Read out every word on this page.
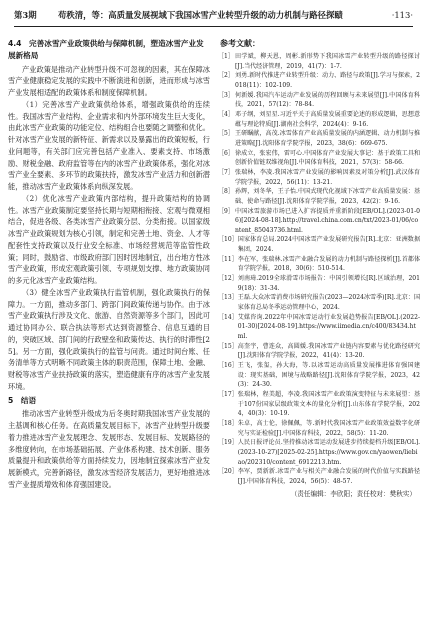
第3期	苟秩清，等：高质量发展视域下我国冰雪产业转型升级的动力机制与路径探赜	·113·
4.4　完善冰雪产业政策供给与保障机制，塑造冰雪产业发展新格局

产业政策是推动产业转型升级不可忽视的因素，其在保障冰雪产业健康稳定发展的实践中不断演进和创新，进而形成与冰雪产业发展相适配的政策体系和制度保障机制。

（1）完善冰雪产业政策供给体系，增强政策供给的连续性。我国冰雪产业结构、企业需求和内外部环境发生巨大变化，由此冰雪产业政策的功能定位、结构组合也要随之调整和优化。针对冰雪产业发展的新特征、新需求以及暴露出的政策短板，行业问题等，有关部门应完善包括产业准入、要素支持、市场激励、财税金融、政府监管等在内的冰雪产业政策体系，强化对冰雪产业全要素、多环节的政策扶持，激发冰雪产业活力和创新潜能，推动冰雪产业政策体系向纵深发展。

（2）优化冰雪产业政策内部结构，提升政策结构的协调性。冰雪产业政策制定要坚持长期与短期相衔接、宏观与微观相结合，促进各级、各类冰雪产业政策分层、分类衔接。以国家级冰雪产业政策规划为核心引领，制定和完善土地、资金、人才等配套性支持政策以及行业安全标准、市场经营规范等监管性政策；同时，鼓励省、市级政府部门因时因地制宜，出台地方性冰雪产业政策，形成宏观政策引领、专项规划支撑、地方政策协同的多元化冰雪产业政策结构。

（3）健全冰雪产业政策执行监管机制，强化政策执行的保障力。一方面，推动多部门、跨部门间政策传递与协作。由于冰雪产业政策执行涉及文化、旅游、自然资源等多个部门，因此可通过协同办公、联合执法等形式达到资源整合、信息互通的目的，突破区域、部门间的行政壁垒和政策传达、执行的时滞性[25]。另一方面，强化政策执行的监管与问责。通过时间台账、任务清单等方式明晰不同政策主体的职责范围，保障土地、金融、财税等冰雪产业扶持政策的落实，塑造健康有序的冰雪产业发展环境。

5　结语

推动冰雪产业转型升级成为后冬奥时期我国冰雪产业发展的主基调和核心任务。在高质量发展目标下，冰雪产业转型升级要着力推进冰雪产业发展理念、发展形态、发展目标、发展路径的多维度转向，在市场基础拓展、产业体系构建、技术创新、服务质量提升和政策供给等方面持续发力，因地制宜探索冰雪产业发展新模式，完善新路径，激发冰雪经济发展活力，更好地推进冰雪产业提质增效和体育强国建设。

参考文献：
［1］ 田学斌，柳天恩，周彬.新形势下我国冰雪产业转型升级的路径探讨[J].当代经济管理，2019，41(7)：1-7.
［2］ 刘勇.新时代推进产业转型升级：动力、路径与政策[J].学习与探索，2018(11)：102-109.
［3］ 何新媛.我国汽车运动产业发展的历程回顾与未来展望[J].中国体育科技，2021，57(12)：78-84.
［4］ 邓子纲，刘星星.习近平关于高质量发展重要论述的形成逻辑，思想意蕴与理论特质[J].湖南社会科学，2024(4)：9-16.
［5］ 王研瞩献，高茂.冰雪体育产业高质量发展的内涵逻辑、动力机制与推进策略[J].沈阳体育学院学报，2023，38(6)：669-675.
［6］ 徐成立，张宏伟，雷可心.中国体育产业发展大事记：基于政策工具和创新价值链双维视角[J].中国体育科技，2021，57(3)：58-66.
［7］ 张瑞林，李凌.我国冰雪产业发展的影响因素及对策分析[J].武汉体育学院学报，2022，56(11)：13-21.
［8］ 孙辉，刘冬华，王子怡.中国式现代化视域下冰雪产业高质量发展：基础、使命与路径[J].沈阳体育学院学报，2023，42(2)：9-16.
［9］ 中国冰雪旅游市场已进入扩容提质并重新阶段[EB/OL].(2023-01-06)[2024-08-18].http://travel.china.com.cn/txt/2023-01/06/content_85043736.html.
［10］ 国家体育总局.2024中国冰雪产业发展研究报告[R].北京：亚洲数据集团，2024.
［11］ 李在军，张瑞林.冰雪产业融合发展的动力机制与路径探析[J].首都体育学院学报，2018，30(6)：510-514.
［12］ 刘南琦.2019全球滑雪市场报告：中国引领增长[R].区域治理，2019(18)：31-34.
［13］ 王磊.大众冰雪消费市场研究报告(2023—2024冰雪季)[R].北京：国家体育总局冬季运动管理中心，2024.
［14］ 艾媒咨询.2022年中国冰雪运动行业发展趋势报告[EB/OL].(2022-01-30)[2024-08-19].https://www.iimedia.cn/c400/83434.html.
［15］ 高奎宇，曹连众，高圆媛.我国冰雪产业链内容要素与优化路径研究[J].沈阳体育学院学报，2022，41(4)：13-20.
［16］ 王飞，张玺，孙大海，等.以冰雪运动高质量发展推进体育强国建设：现实基础，困境与战略路径[J].沈阳体育学院学报，2023，42(3)：24-30.
［17］ 张瑞林，程美超，李凌.我国冰雪产业政策演变特征与未来展望：基于107份国家层级政策文本的量化分析[J].山东体育学院学报，2024，40(3)：10-19.
［18］ 朱卓，高士伦，徐佩佩，等.新时代我国冰雪产业政策效益数字化研究与实证检验[J].中国体育科技，2022，58(5)：11-20.
［19］ 人民日报评论员.坚持推动冰雪运动发展进步持续提档升级[EB/OL].(2023-10-27)[2025-02-25].https://www.gov.cn/yaowen/liebiao/202310/content_6912213.htm.
［20］ 李军，贾新新.冰雪产业与相关产业融合发展的时代价值与实践路径[J].中国体育科技，2024，56(5)：48-57.
（责任编辑：李欣阳；责任校对：樊秋实）
